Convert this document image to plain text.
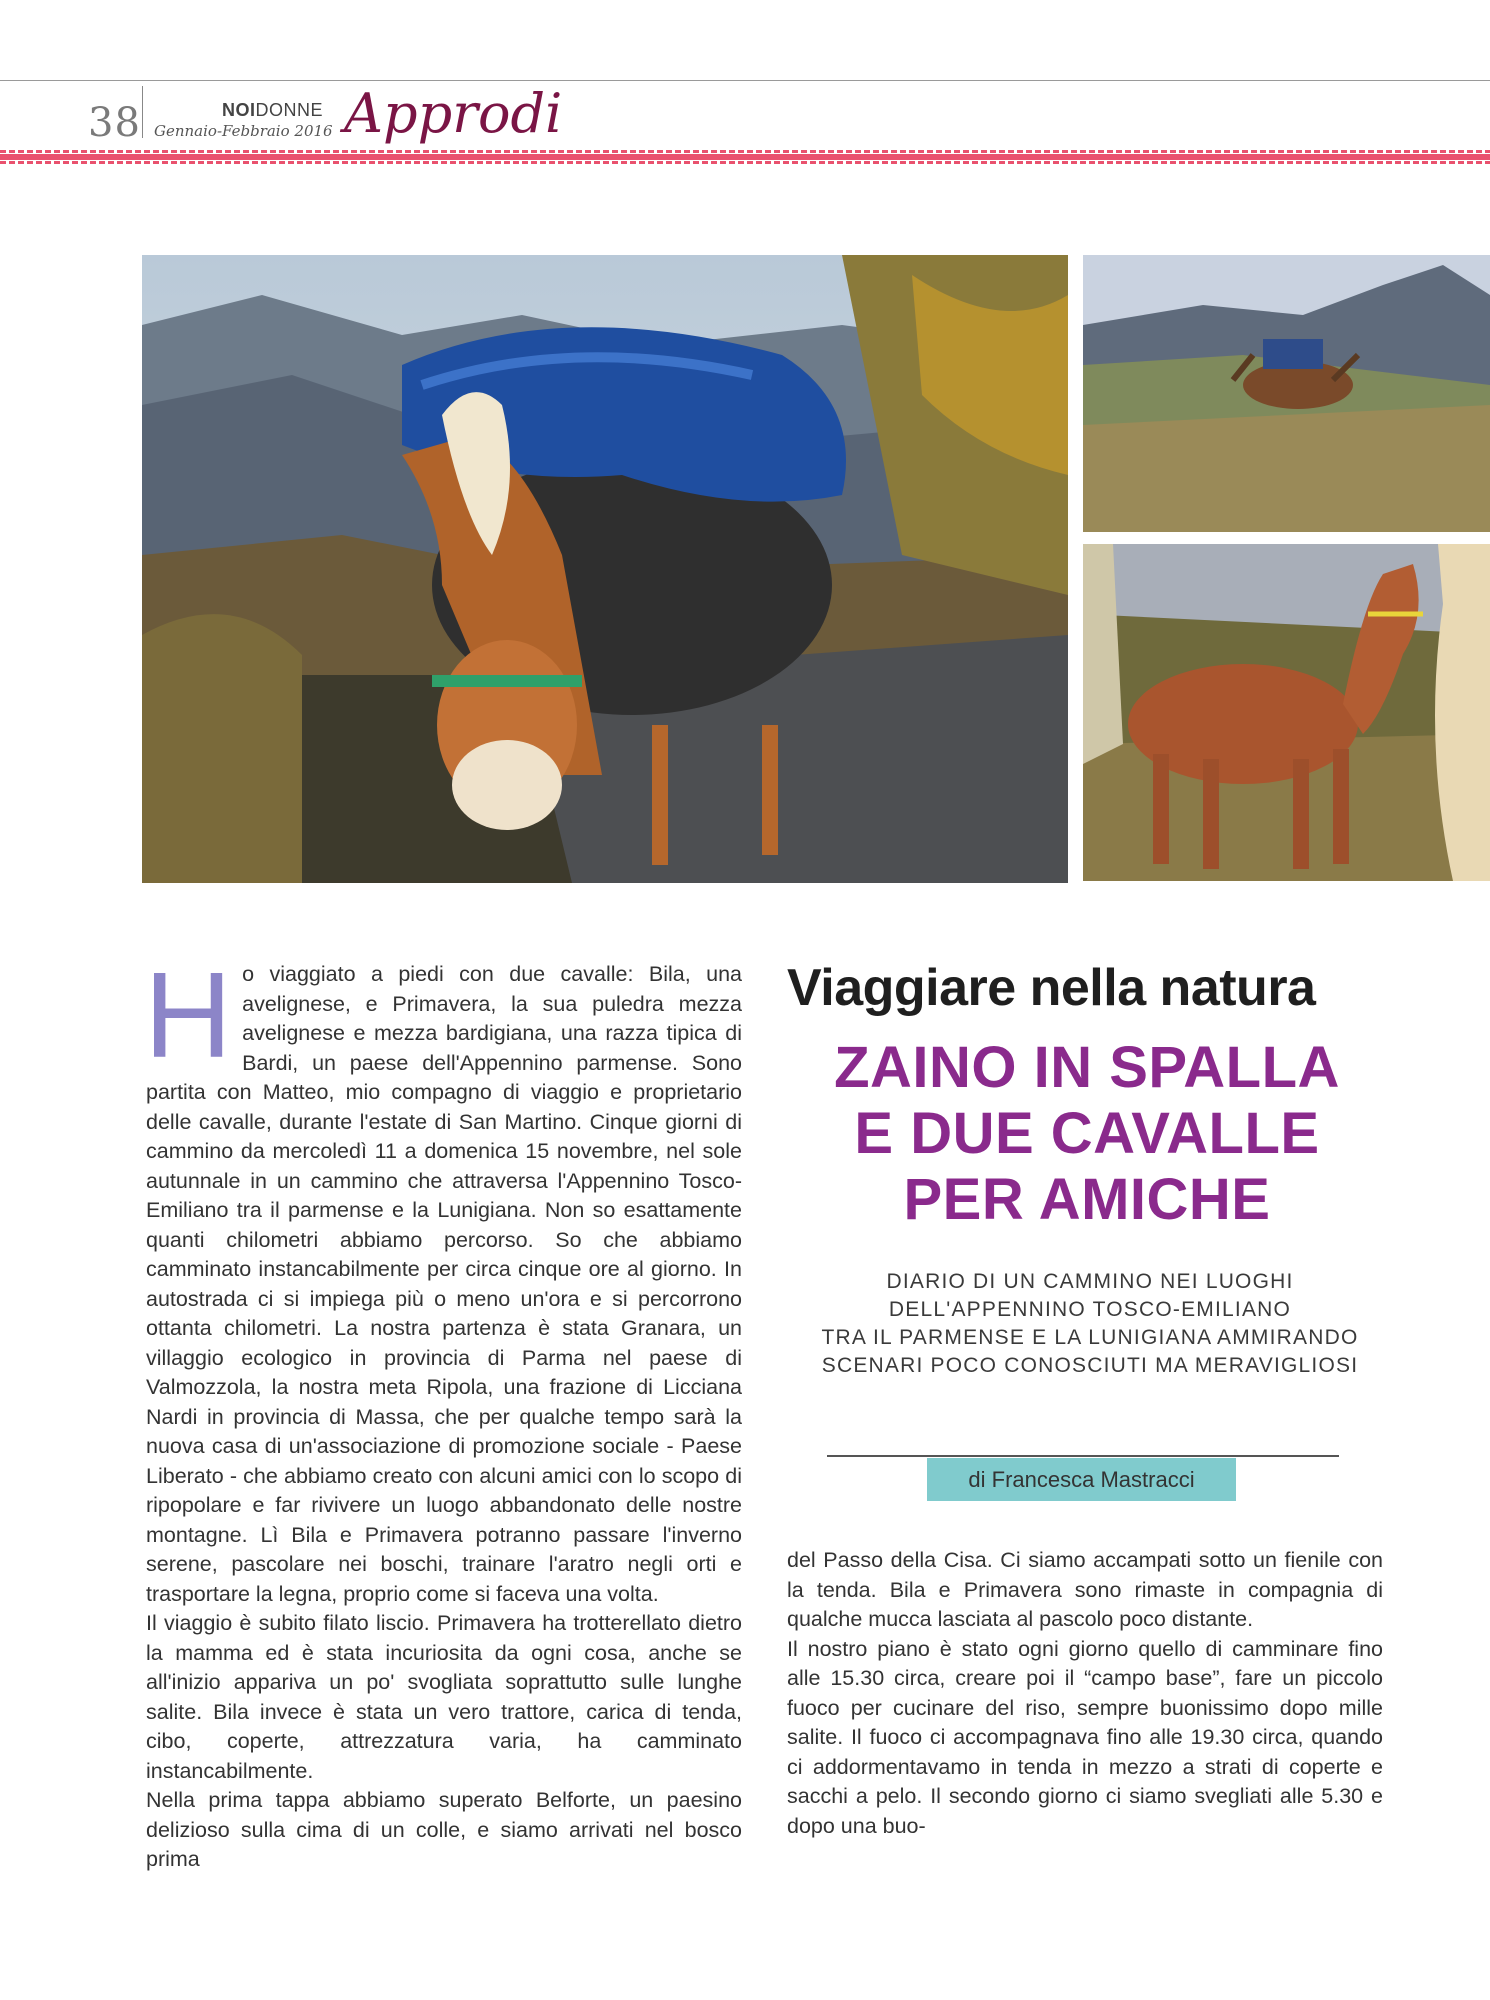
38	NOIDONNE
Gennaio-Febbraio 2016 Approdi

Ho viaggiato a piedi con due cavalle: Bila, una avelignese, e Primavera, la sua puledra mezza avelignese e mezza bardigiana, una razza tipica di Bardi, un paese dell'Appennino parmense. Sono partita con Matteo, mio compagno di viaggio e proprietario delle cavalle, durante l'estate di San Martino. Cinque giorni di cammino da mercoledì 11 a domenica 15 novembre, nel sole autunnale in un cammino che attraversa l'Appennino Tosco-Emiliano tra il parmense e la Lunigiana. Non so esattamente quanti chilometri abbiamo percorso. So che abbiamo camminato instancabilmente per circa cinque ore al giorno. In autostrada ci si impiega più o meno un'ora e si percorrono ottanta chilometri. La nostra partenza è stata Granara, un villaggio ecologico in provincia di Parma nel paese di Valmozzola, la nostra meta Ripola, una frazione di Licciana Nardi in provincia di Massa, che per qualche tempo sarà la nuova casa di un'associazione di promozione sociale - Paese Liberato - che abbiamo creato con alcuni amici con lo scopo di ripopolare e far rivivere un luogo abbandonato delle nostre montagne. Lì Bila e Primavera potranno passare l'inverno serene, pascolare nei boschi, trainare l'aratro negli orti e trasportare la legna, proprio come si faceva una volta.

Il viaggio è subito filato liscio. Primavera ha trotterellato dietro la mamma ed è stata incuriosita da ogni cosa, anche se all'inizio appariva un po' svogliata soprattutto sulle lunghe salite. Bila invece è stata un vero trattore, carica di tenda, cibo, coperte, attrezzatura varia, ha camminato instancabilmente.

Nella prima tappa abbiamo superato Belforte, un paesino delizioso sulla cima di un colle, e siamo arrivati nel bosco prima

Viaggiare nella natura
ZAINO IN SPALLA
E DUE CAVALLE
PER AMICHE
DIARIO DI UN CAMMINO NEI LUOGHI
DELL'APPENNINO TOSCO-EMILIANO
TRA IL PARMENSE E LA LUNIGIANA AMMIRANDO
SCENARI POCO CONOSCIUTI MA MERAVIGLIOSI
di Francesca Mastracci

del Passo della Cisa. Ci siamo accampati sotto un fienile con la tenda. Bila e Primavera sono rimaste in compagnia di qualche mucca lasciata al pascolo poco distante.

Il nostro piano è stato ogni giorno quello di camminare fino alle 15.30 circa, creare poi il “campo base”, fare un piccolo fuoco per cucinare del riso, sempre buonissimo dopo mille salite. Il fuoco ci accompagnava fino alle 19.30 circa, quando ci addormentavamo in tenda in mezzo a strati di coperte e sacchi a pelo. Il secondo giorno ci siamo svegliati alle 5.30 e dopo una buo-
